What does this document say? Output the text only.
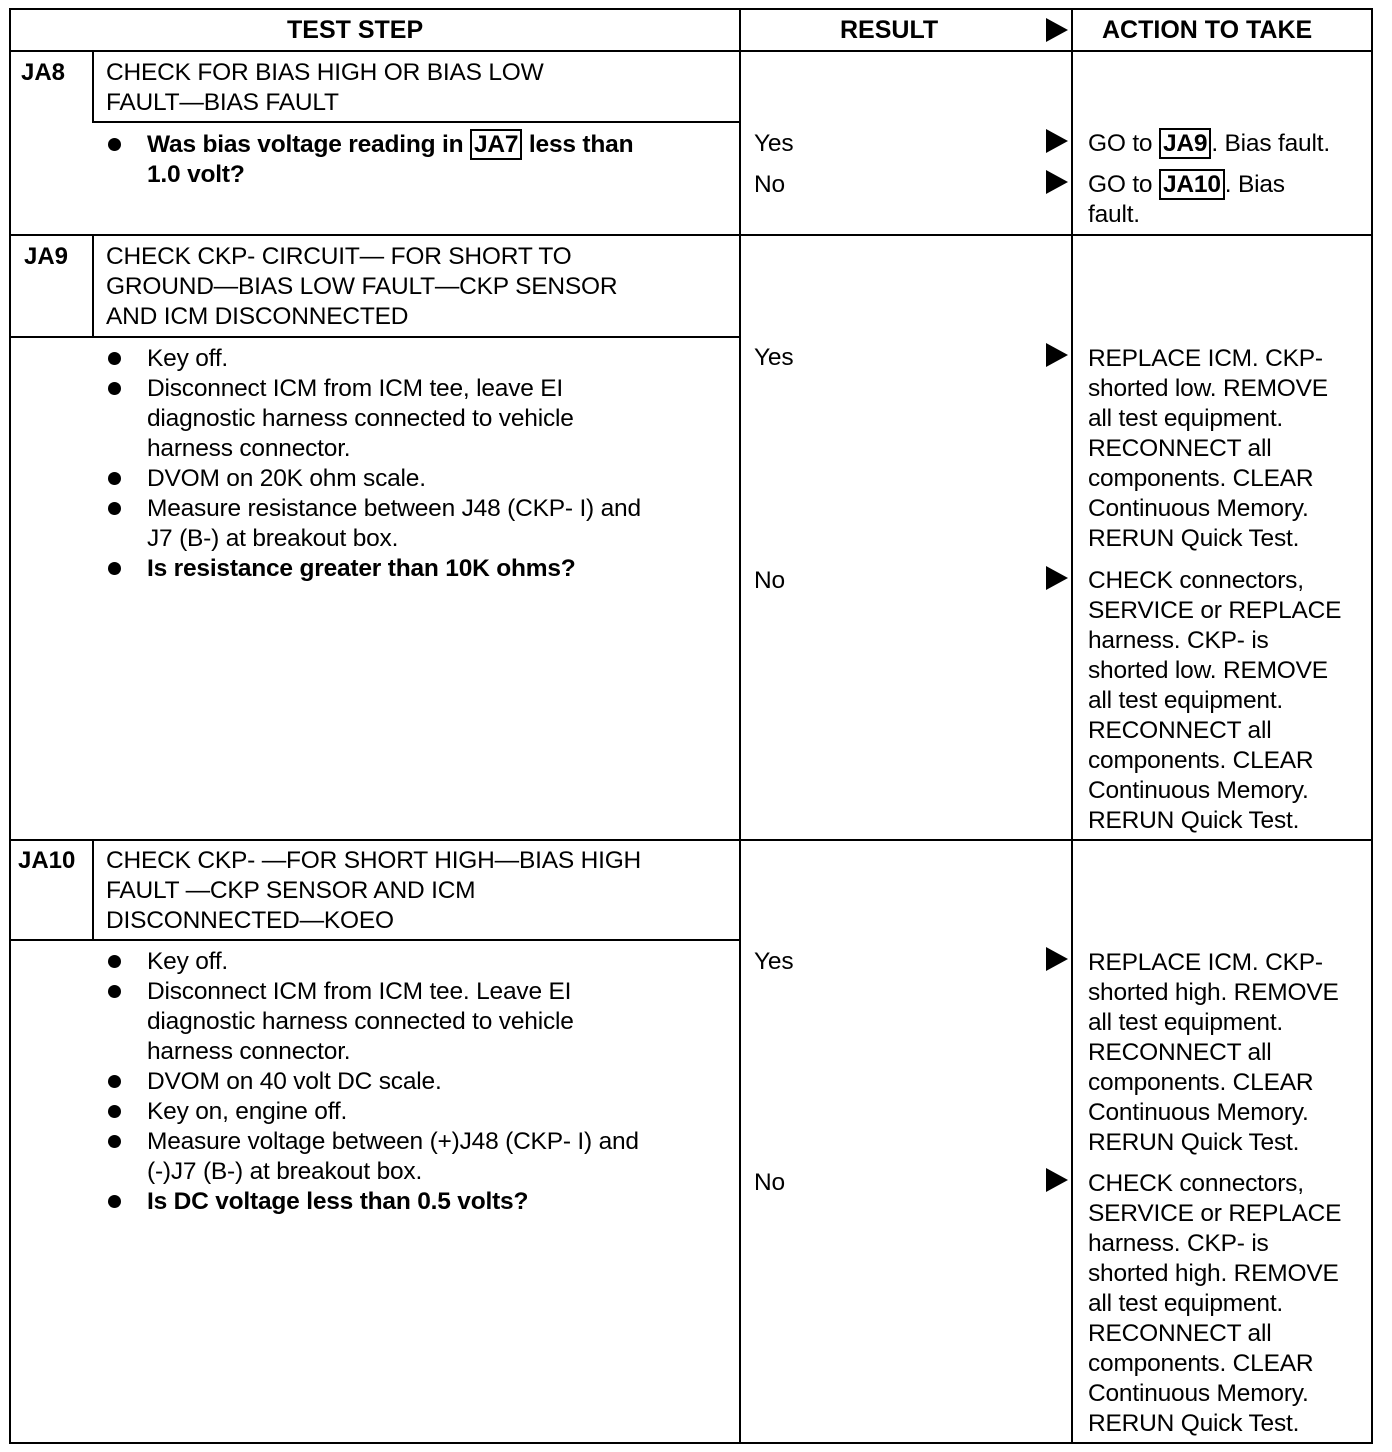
TEST STEP	RESULT	ACTION TO TAKE
JA8 CHECK FOR BIAS HIGH OR BIAS LOW
FAULT—BIAS FAULT
Was bias voltage reading in JA7 less than
1.0 volt?
Yes	GO to JA9 . Bias fault.
No	GO to JA10 . Bias
fault.
JA9 CHECK CKP- CIRCUIT— FOR SHORT TO
GROUND—BIAS LOW FAULT—CKP SENSOR
AND ICM DISCONNECTED
Key off.
Disconnect ICM from ICM tee, leave EI
diagnostic harness connected to vehicle
harness connector.
DVOM on 20K ohm scale.
Measure resistance between J48 (CKP- I) and
J7 (B-) at breakout box.
Is resistance greater than 10K ohms?
Yes	REPLACE ICM. CKP-
shorted low. REMOVE
all test equipment.
RECONNECT all
components. CLEAR
Continuous Memory.
RERUN Quick Test.
No	CHECK connectors,
SERVICE or REPLACE
harness. CKP- is
shorted low. REMOVE
all test equipment.
RECONNECT all
components. CLEAR
Continuous Memory.
RERUN Quick Test.
JA10 CHECK CKP- —FOR SHORT HIGH—BIAS HIGH
FAULT —CKP SENSOR AND ICM
DISCONNECTED—KOEO
Key off.
Disconnect ICM from ICM tee. Leave EI
diagnostic harness connected to vehicle
harness connector.
DVOM on 40 volt DC scale.
Key on, engine off.
Measure voltage between (+)J48 (CKP- I) and
(-)J7 (B-) at breakout box.
Is DC voltage less than 0.5 volts?
Yes	REPLACE ICM. CKP-
shorted high. REMOVE
all test equipment.
RECONNECT all
components. CLEAR
Continuous Memory.
RERUN Quick Test.
No	CHECK connectors,
SERVICE or REPLACE
harness. CKP- is
shorted high. REMOVE
all test equipment.
RECONNECT all
components. CLEAR
Continuous Memory.
RERUN Quick Test.
